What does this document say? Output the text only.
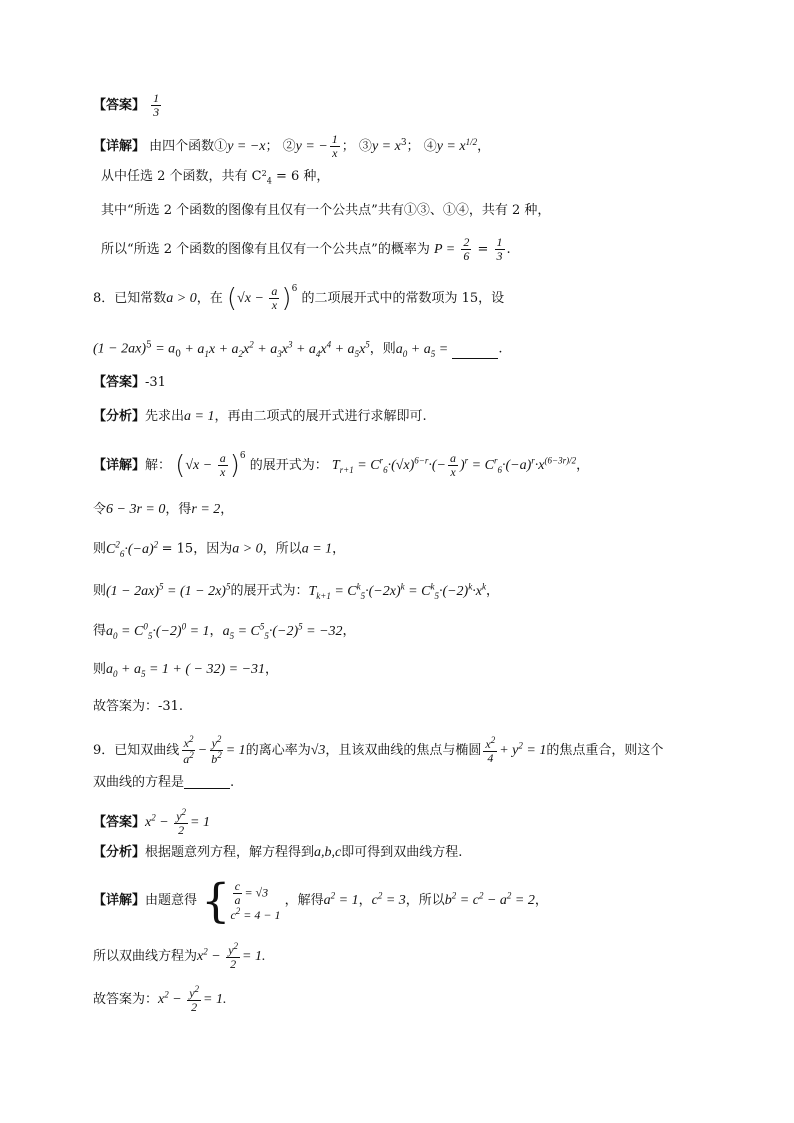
【答案】 $\frac{1}{3}$
【详解】 由四个函数①y = −x； ②y = − $\frac{1}{x}$ ； ③y = $x^3$； ④y = $x^{1/2}$，
从中任选 2 个函数，共有 $C^2_4 = 6$ 种，
其中“所选 2 个函数的图像有且仅有一个公共点”共有①③、①④，共有 2 种，
所以“所选 2 个函数的图像有且仅有一个公共点”的概率为 $P = \frac{2}{6} = \frac{1}{3}$ .
8．已知常数a > 0，在 $(√x - \frac{a}{x} )^6$ 的二项展开式中的常数项为 15，设
$(1 - 2ax)^5 = a_0 + a_1x + a_2x^2 + a_3x^3 + a_4x^4 + a_5x^5$，则$a_0 + a_5$ =	.
【答案】-31
【分析】先求出a = 1，再由二项式的展开式进行求解即可.
【详解】解： $(√x - \frac{a}{x} )^6$ 的展开式为： $T_{r+1} = C^r_6\cdot(√x)^{6-r}\cdot(- \frac{a}{x} )^r = C^r_6\cdot(-a)^r\cdot x^{(6-3r)/2}$，
令6 − 3r = 0，得r = 2，
则$C^2_6\cdot(-a)^2 = 15$，因为a > 0，所以a = 1，
则$(1 - 2ax)^5 = (1 - 2x)^5$的展开式为：$T_{k+1} = C^k_5\cdot(-2x)^k = C^k_5\cdot(-2)^k\cdot x^k$，
得$a_0 = C^0_5\cdot(-2)^0 = 1$，$a_5 = C^5_5\cdot(-2)^5 = -32$，
则$a_0 + a_5 = 1$ + ( − 32) = −31，
故答案为：-31.
9．已知双曲线 $\frac{x^2}{a^2} - \frac{y^2}{b^2} = 1$的离心率为√3，且该双曲线的焦点与椭圆 $\frac{x^2}{4} + y^2 = 1$的焦点重合，则这个
双曲线的方程是	.
【答案】$x^2 - \frac{y^2}{2} = 1$
【分析】根据题意列方程，解方程得到a,b,c即可得到双曲线方程.
【详解】由题意得 { $\frac{c}{a} = √3$
$c^2 = 4 - 1$
，解得$a^2 = 1$，$c^2 = 3$，所以$b^2 = c^2 - a^2 = 2$，
所以双曲线方程为$x^2 - \frac{y^2}{2} = 1$.
故答案为：$x^2 - \frac{y^2}{2} = 1$.
